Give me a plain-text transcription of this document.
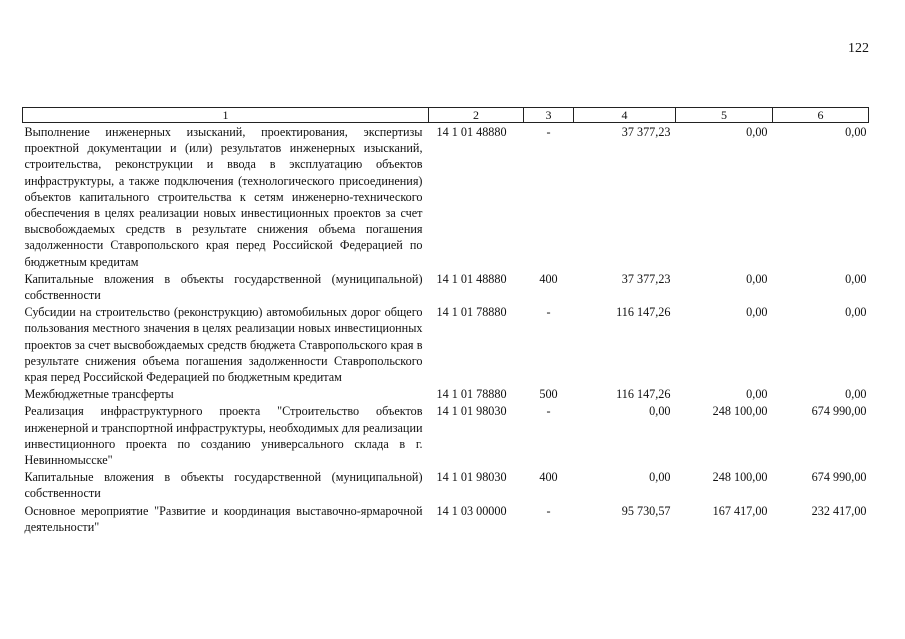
122
1	2	3	4	5	6
Выполнение инженерных изысканий, проектирования, экспертизы проектной документации и (или) результатов инженерных изысканий, строительства, реконструкции и ввода в эксплуатацию объектов инфраструктуры, а также подключения (технологического присоединения) объектов капитального строительства к сетям инженерно-технического обеспечения в целях реализации новых инвестиционных проектов за счет высвобождаемых средств в результате снижения объема погашения задолженности Ставропольского края перед Российской Федерацией по бюджетным кредитам	14 1 01 48880	-	37 377,23	0,00	0,00
Капитальные вложения в объекты государственной (муниципальной) собственности	14 1 01 48880	400	37 377,23	0,00	0,00
Субсидии на строительство (реконструкцию) автомобильных дорог общего пользования местного значения в целях реализации новых инвестиционных проектов за счет высвобождаемых средств бюджета Ставропольского края в результате снижения объема погашения задолженности Ставропольского края перед Российской Федерацией по бюджетным кредитам	14 1 01 78880	-	116 147,26	0,00	0,00
Межбюджетные трансферты	14 1 01 78880	500	116 147,26	0,00	0,00
Реализация инфраструктурного проекта "Строительство объектов инженерной и транспортной инфраструктуры, необходимых для реализации инвестиционного проекта по созданию универсального склада в г. Невинномысске"	14 1 01 98030	-	0,00	248 100,00	674 990,00
Капитальные вложения в объекты государственной (муниципальной) собственности	14 1 01 98030	400	0,00	248 100,00	674 990,00
Основное мероприятие "Развитие и координация выставочно-ярмарочной деятельности"	14 1 03 00000	-	95 730,57	167 417,00	232 417,00
